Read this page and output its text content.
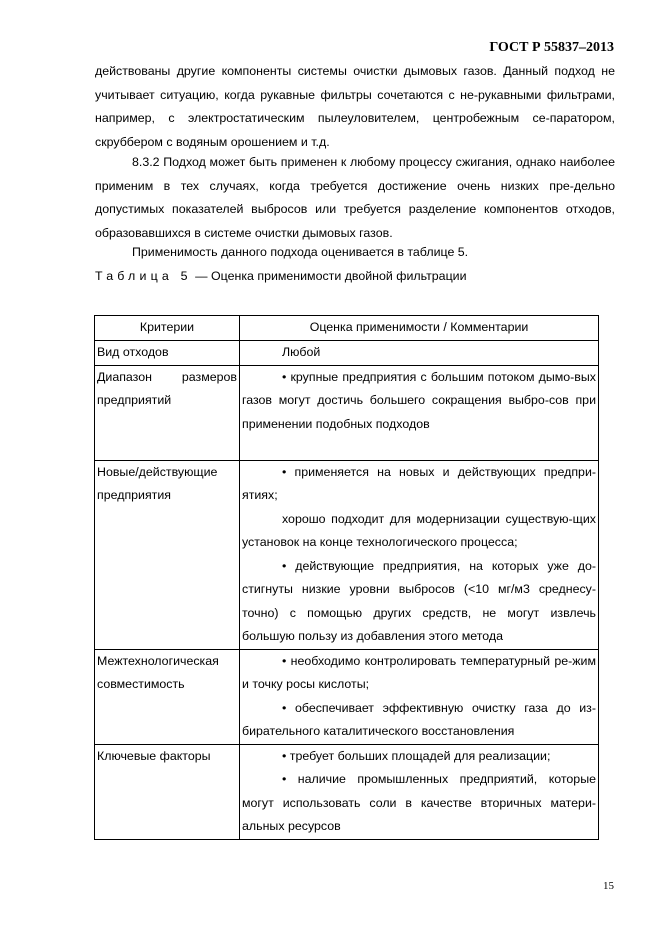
ГОСТ Р 55837–2013

действованы другие компоненты системы очистки дымовых газов. Данный подход не учитывает ситуацию, когда рукавные фильтры сочетаются с не-рукавными фильтрами, например, с электростатическим пылеуловителем, центробежным се-паратором, скруббером с водяным орошением и т.д.

8.3.2 Подход может быть применен к любому процессу сжигания, однако наиболее применим в тех случаях, когда требуется достижение очень низких пре-дельно допустимых показателей выбросов или требуется разделение компонентов отходов, образовавшихся в системе очистки дымовых газов.

Применимость данного подхода оценивается в таблице 5.

Таблица 5 — Оценка применимости двойной фильтрации
Критерии	Оценка применимости / Комментарии
Вид отходов	Любой

Диапазон размеров предприятий	• крупные предприятия с большим потоком дымо-вых газов могут достичь большего сокращения выбро-сов при применении подобных подходов

Новые/действующие предприятия	• применяется на новых и действующих предпри-ятиях;
хорошо подходит для модернизации существую-щих установок на конце технологического процесса;
• действующие предприятия, на которых уже до-стигнуты низкие уровни выбросов (<10 мг/м3 среднесу-точно) с помощью других средств, не могут извлечь большую пользу из добавления этого метода

Межтехнологическая совместимость	• необходимо контролировать температурный ре-жим и точку росы кислоты;
• обеспечивает эффективную очистку газа до из-бирательного каталитического восстановления

Ключевые факторы	• требует больших площадей для реализации;
• наличие промышленных предприятий, которые могут использовать соли в качестве вторичных матери-альных ресурсов
15
